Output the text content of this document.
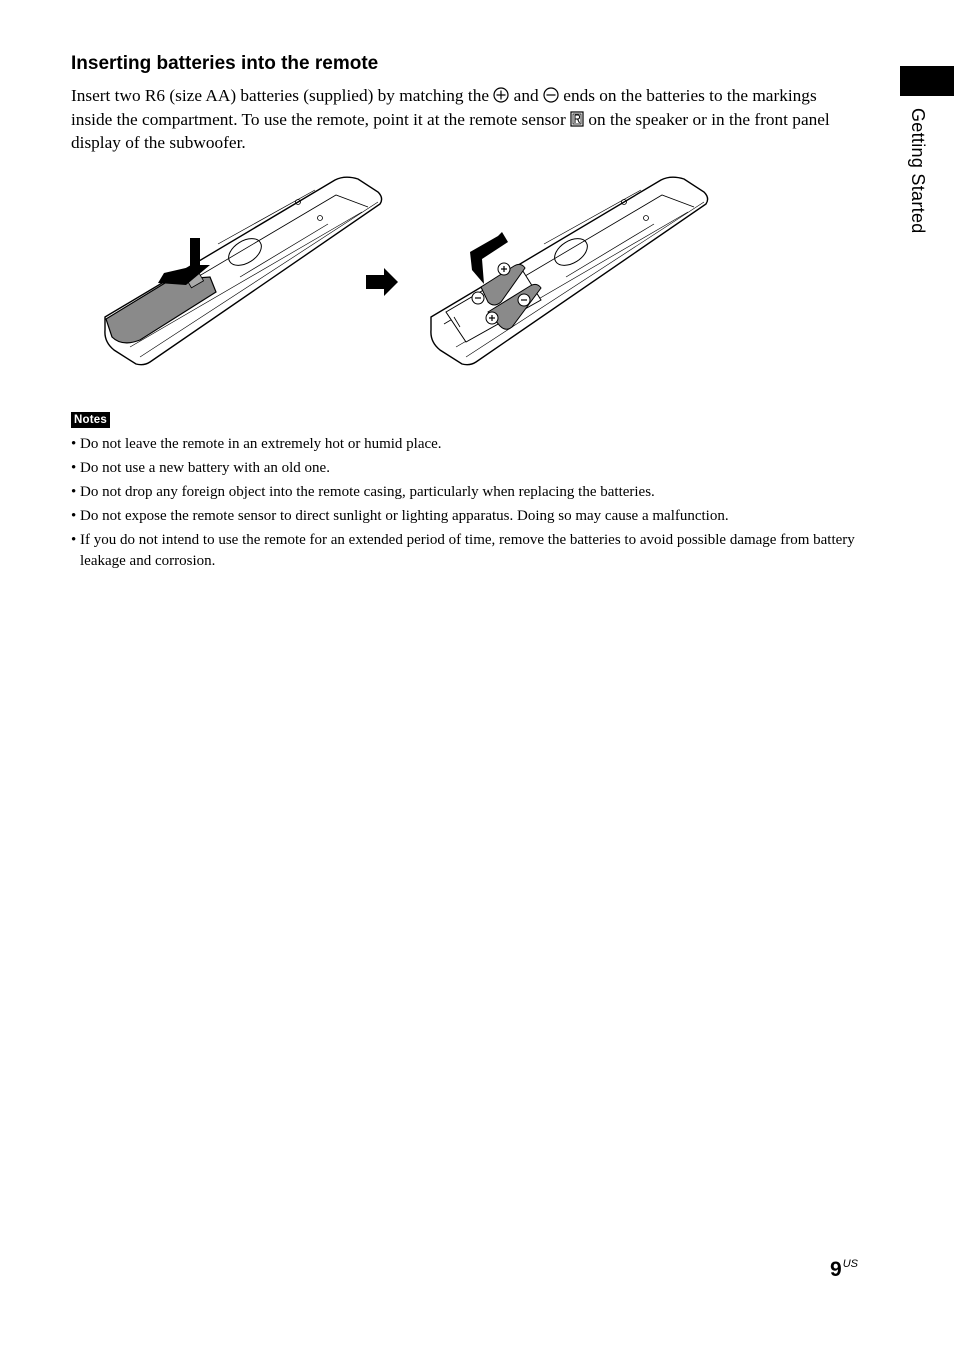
Getting Started
Inserting batteries into the remote

Insert two R6 (size AA) batteries (supplied) by matching the and ends on the batteries to the markings inside the compartment. To use the remote, point it at the remote sensor on the speaker or in the front panel display of the subwoofer.

Notes
• Do not leave the remote in an extremely hot or humid place.
• Do not use a new battery with an old one.
• Do not drop any foreign object into the remote casing, particularly when replacing the batteries.
• Do not expose the remote sensor to direct sunlight or lighting apparatus. Doing so may cause a malfunction.
• If you do not intend to use the remote for an extended period of time, remove the batteries to avoid possible damage from battery leakage and corrosion.
$9^{US}$
